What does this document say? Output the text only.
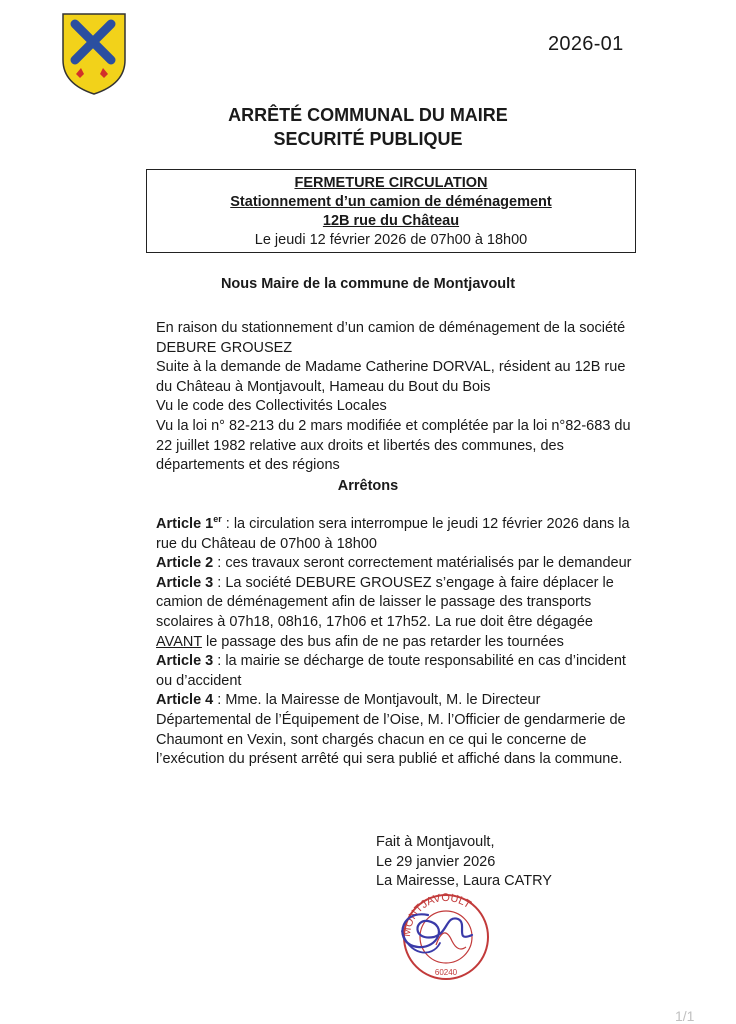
2026-01
ARRÊTÉ COMMUNAL DU MAIRE
SECURITÉ PUBLIQUE
FERMETURE CIRCULATION
Stationnement d’un camion de déménagement
12B rue du Château
Le jeudi 12 février 2026 de 07h00 à 18h00
Nous Maire de la commune de Montjavoult

En raison du stationnement d’un camion de déménagement de la société DEBURE GROUSEZ

Suite à la demande de Madame Catherine DORVAL, résident au 12B rue du Château à Montjavoult, Hameau du Bout du Bois

Vu le code des Collectivités Locales

Vu la loi n° 82-213 du 2 mars modifiée et complétée par la loi n°82-683 du 22 juillet 1982 relative aux droits et libertés des communes, des départements et des régions

Arrêtons

Article 1er : la circulation sera interrompue le jeudi 12 février 2026 dans la rue du Château de 07h00 à 18h00

Article 2 : ces travaux seront correctement matérialisés par le demandeur

Article 3 : La société DEBURE GROUSEZ s’engage à faire déplacer le camion de déménagement afin de laisser le passage des transports scolaires à 07h18, 08h16, 17h06 et 17h52. La rue doit être dégagée AVANT le passage des bus afin de ne pas retarder les tournées

Article 3 : la mairie se décharge de toute responsabilité en cas d’incident ou d’accident

Article 4 : Mme. la Mairesse de Montjavoult, M. le Directeur Départemental de l’Équipement de l’Oise, M. l’Officier de gendarmerie de Chaumont en Vexin, sont chargés chacun en ce qui le concerne de l’exécution du présent arrêté qui sera publié et affiché dans la commune.

Fait à Montjavoult,
Le 29 janvier 2026
La Mairesse, Laura CATRY
MONTJAVOULT
60240
1/1
